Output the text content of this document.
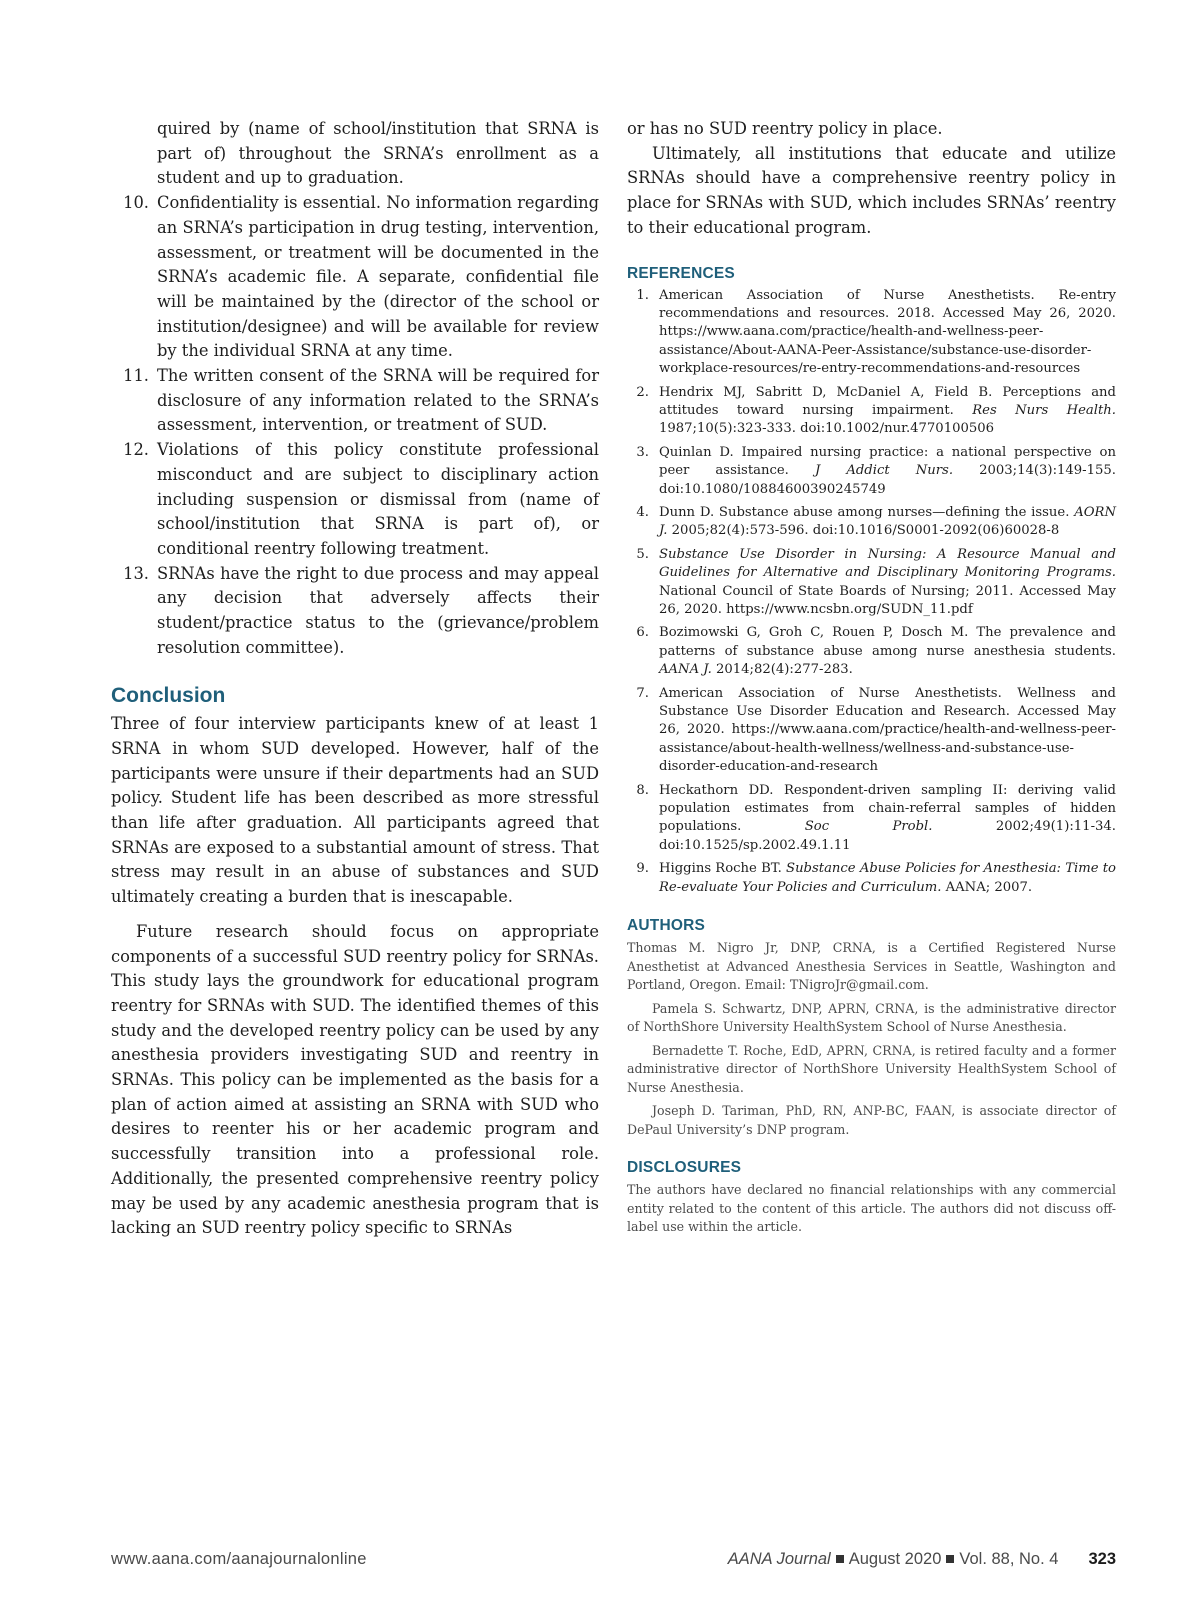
quired by (name of school/institution that SRNA is part of) throughout the SRNA’s enrollment as a student and up to graduation.

10. Confidentiality is essential. No information regarding an SRNA’s participation in drug testing, intervention, assessment, or treatment will be documented in the SRNA’s academic file. A separate, confidential file will be maintained by the (director of the school or institution/designee) and will be available for review by the individual SRNA at any time.
11. The written consent of the SRNA will be required for disclosure of any information related to the SRNA’s assessment, intervention, or treatment of SUD.
12. Violations of this policy constitute professional misconduct and are subject to disciplinary action including suspension or dismissal from (name of school/institution that SRNA is part of), or conditional reentry following treatment.
13. SRNAs have the right to due process and may appeal any decision that adversely affects their student/practice status to the (grievance/problem resolution committee).
Conclusion

Three of four interview participants knew of at least 1 SRNA in whom SUD developed. However, half of the participants were unsure if their departments had an SUD policy. Student life has been described as more stressful than life after graduation. All participants agreed that SRNAs are exposed to a substantial amount of stress. That stress may result in an abuse of substances and SUD ultimately creating a burden that is inescapable.

Future research should focus on appropriate components of a successful SUD reentry policy for SRNAs. This study lays the groundwork for educational program reentry for SRNAs with SUD. The identified themes of this study and the developed reentry policy can be used by any anesthesia providers investigating SUD and reentry in SRNAs. This policy can be implemented as the basis for a plan of action aimed at assisting an SRNA with SUD who desires to reenter his or her academic program and successfully transition into a professional role. Additionally, the presented comprehensive reentry policy may be used by any academic anesthesia program that is lacking an SUD reentry policy specific to SRNAs

or has no SUD reentry policy in place.

Ultimately, all institutions that educate and utilize SRNAs should have a comprehensive reentry policy in place for SRNAs with SUD, which includes SRNAs’ reentry to their educational program.

REFERENCES
1. American Association of Nurse Anesthetists. Re-entry recommendations and resources. 2018. Accessed May 26, 2020. https://www.aana.com/practice/health-and-wellness-peer-assistance/About-AANA-Peer-Assistance/substance-use-disorder-workplace-resources/re-entry-recommendations-and-resources
2. Hendrix MJ, Sabritt D, McDaniel A, Field B. Perceptions and attitudes toward nursing impairment. Res Nurs Health. 1987;10(5):323-333. doi:10.1002/nur.4770100506
3. Quinlan D. Impaired nursing practice: a national perspective on peer assistance. J Addict Nurs. 2003;14(3):149-155. doi:10.1080/10884600390245749
4. Dunn D. Substance abuse among nurses—defining the issue. AORN J. 2005;82(4):573-596. doi:10.1016/S0001-2092(06)60028-8
5. Substance Use Disorder in Nursing: A Resource Manual and Guidelines for Alternative and Disciplinary Monitoring Programs. National Council of State Boards of Nursing; 2011. Accessed May 26, 2020. https://www.ncsbn.org/SUDN_11.pdf
6. Bozimowski G, Groh C, Rouen P, Dosch M. The prevalence and patterns of substance abuse among nurse anesthesia students. AANA J. 2014;82(4):277-283.
7. American Association of Nurse Anesthetists. Wellness and Substance Use Disorder Education and Research. Accessed May 26, 2020. https://www.aana.com/practice/health-and-wellness-peer-assistance/about-health-wellness/wellness-and-substance-use-disorder-education-and-research
8. Heckathorn DD. Respondent-driven sampling II: deriving valid population estimates from chain-referral samples of hidden populations. Soc Probl. 2002;49(1):11-34. doi:10.1525/sp.2002.49.1.11
9. Higgins Roche BT. Substance Abuse Policies for Anesthesia: Time to Re-evaluate Your Policies and Curriculum. AANA; 2007.
AUTHORS

Thomas M. Nigro Jr, DNP, CRNA, is a Certified Registered Nurse Anesthetist at Advanced Anesthesia Services in Seattle, Washington and Portland, Oregon. Email: TNigroJr@gmail.com.

Pamela S. Schwartz, DNP, APRN, CRNA, is the administrative director of NorthShore University HealthSystem School of Nurse Anesthesia.

Bernadette T. Roche, EdD, APRN, CRNA, is retired faculty and a former administrative director of NorthShore University HealthSystem School of Nurse Anesthesia.

Joseph D. Tariman, PhD, RN, ANP-BC, FAAN, is associate director of DePaul University’s DNP program.

DISCLOSURES

The authors have declared no financial relationships with any commercial entity related to the content of this article. The authors did not discuss off-label use within the article.

www.aana.com/aanajournalonline	AANA Journal August 2020 Vol. 88, No. 4 323
